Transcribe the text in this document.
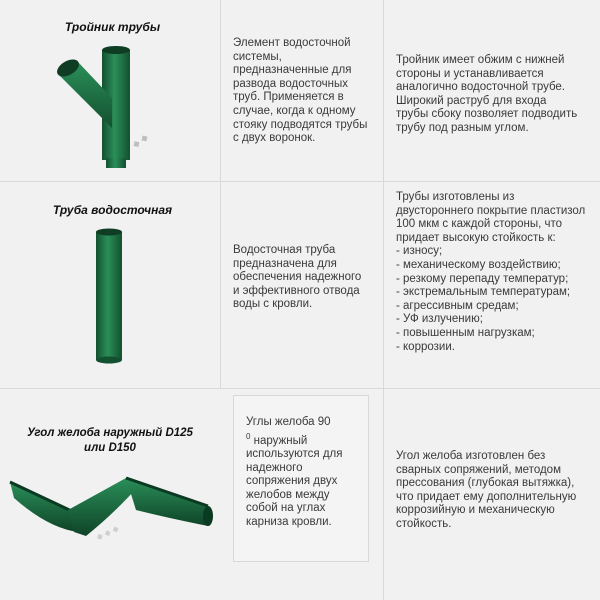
Тройник трубы
◆ ◆
Элемент водосточной системы, предназначенные для развода водосточных труб. Применяется в случае, когда к одному стояку подводятся трубы с двух воронок.
Тройник имеет обжим с нижней стороны и устанавливается аналогично водосточной трубе. Широкий раструб для входа трубы сбоку позволяет подводить трубу под разным углом.
Труба водосточная
Водосточная труба предназначена для обеспечения надежного и эффективного отвода воды с кровли.

Трубы изготовлены из двустороннего покрытие пластизол 100 мкм с каждой стороны, что придает высокую стойкость к:

- износу;
- механическому воздействию;
- резкому перепаду температур;
- экстремальным температурам;
- агрессивным средам;
- УФ излучению;
- повышенным нагрузкам;
- коррозии.
Угол желоба наружный D125
или D150
◆ ◆ ◆
Углы желоба 90
$^0$ наружный используются для надежного сопряжения двух желобов между собой на углах карниза кровли.
Угол желоба изготовлен без сварных сопряжений, методом прессования (глубокая вытяжка), что придает ему дополнительную коррозийную и механическую стойкость.
